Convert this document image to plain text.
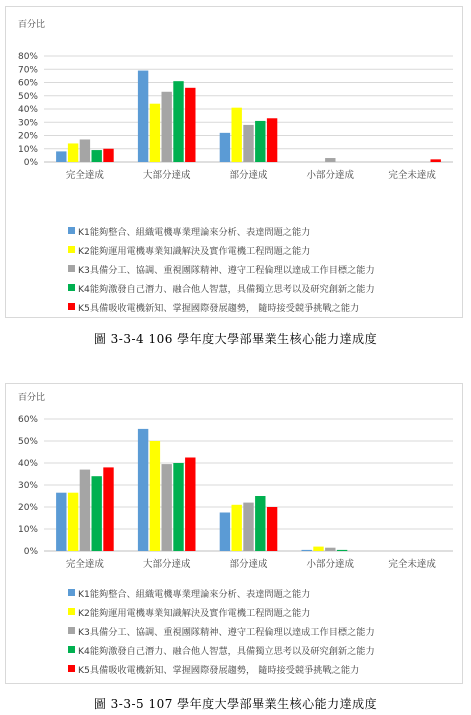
百分比
0%
10%
20%
30%
40%
50%
60%
70%
80%
完全達成	大部分達成	部分達成	小部分達成	完全未達成
K1能夠整合、組織電機專業理論來分析、表達問題之能力
K2能夠運用電機專業知識解決及實作電機工程問題之能力
K3具備分工、協調、重視團隊精神、遵守工程倫理以達成工作目標之能力
K4能夠激發自己潛力、融合他人智慧，具備獨立思考以及研究創新之能力
K5具備吸收電機新知、掌握國際發展趨勢， 隨時接受競爭挑戰之能力
圖 3-3-4 106 學年度大學部畢業生核心能力達成度
百分比
0%
10%
20%
30%
40%
50%
60%
完全達成	大部分達成	部分達成	小部分達成	完全未達成
K1能夠整合、組織電機專業理論來分析、表達問題之能力
K2能夠運用電機專業知識解決及實作電機工程問題之能力
K3具備分工、協調、重視團隊精神、遵守工程倫理以達成工作目標之能力
K4能夠激發自己潛力、融合他人智慧，具備獨立思考以及研究創新之能力
K5具備吸收電機新知、掌握國際發展趨勢， 隨時接受競爭挑戰之能力
圖 3-3-5 107 學年度大學部畢業生核心能力達成度
